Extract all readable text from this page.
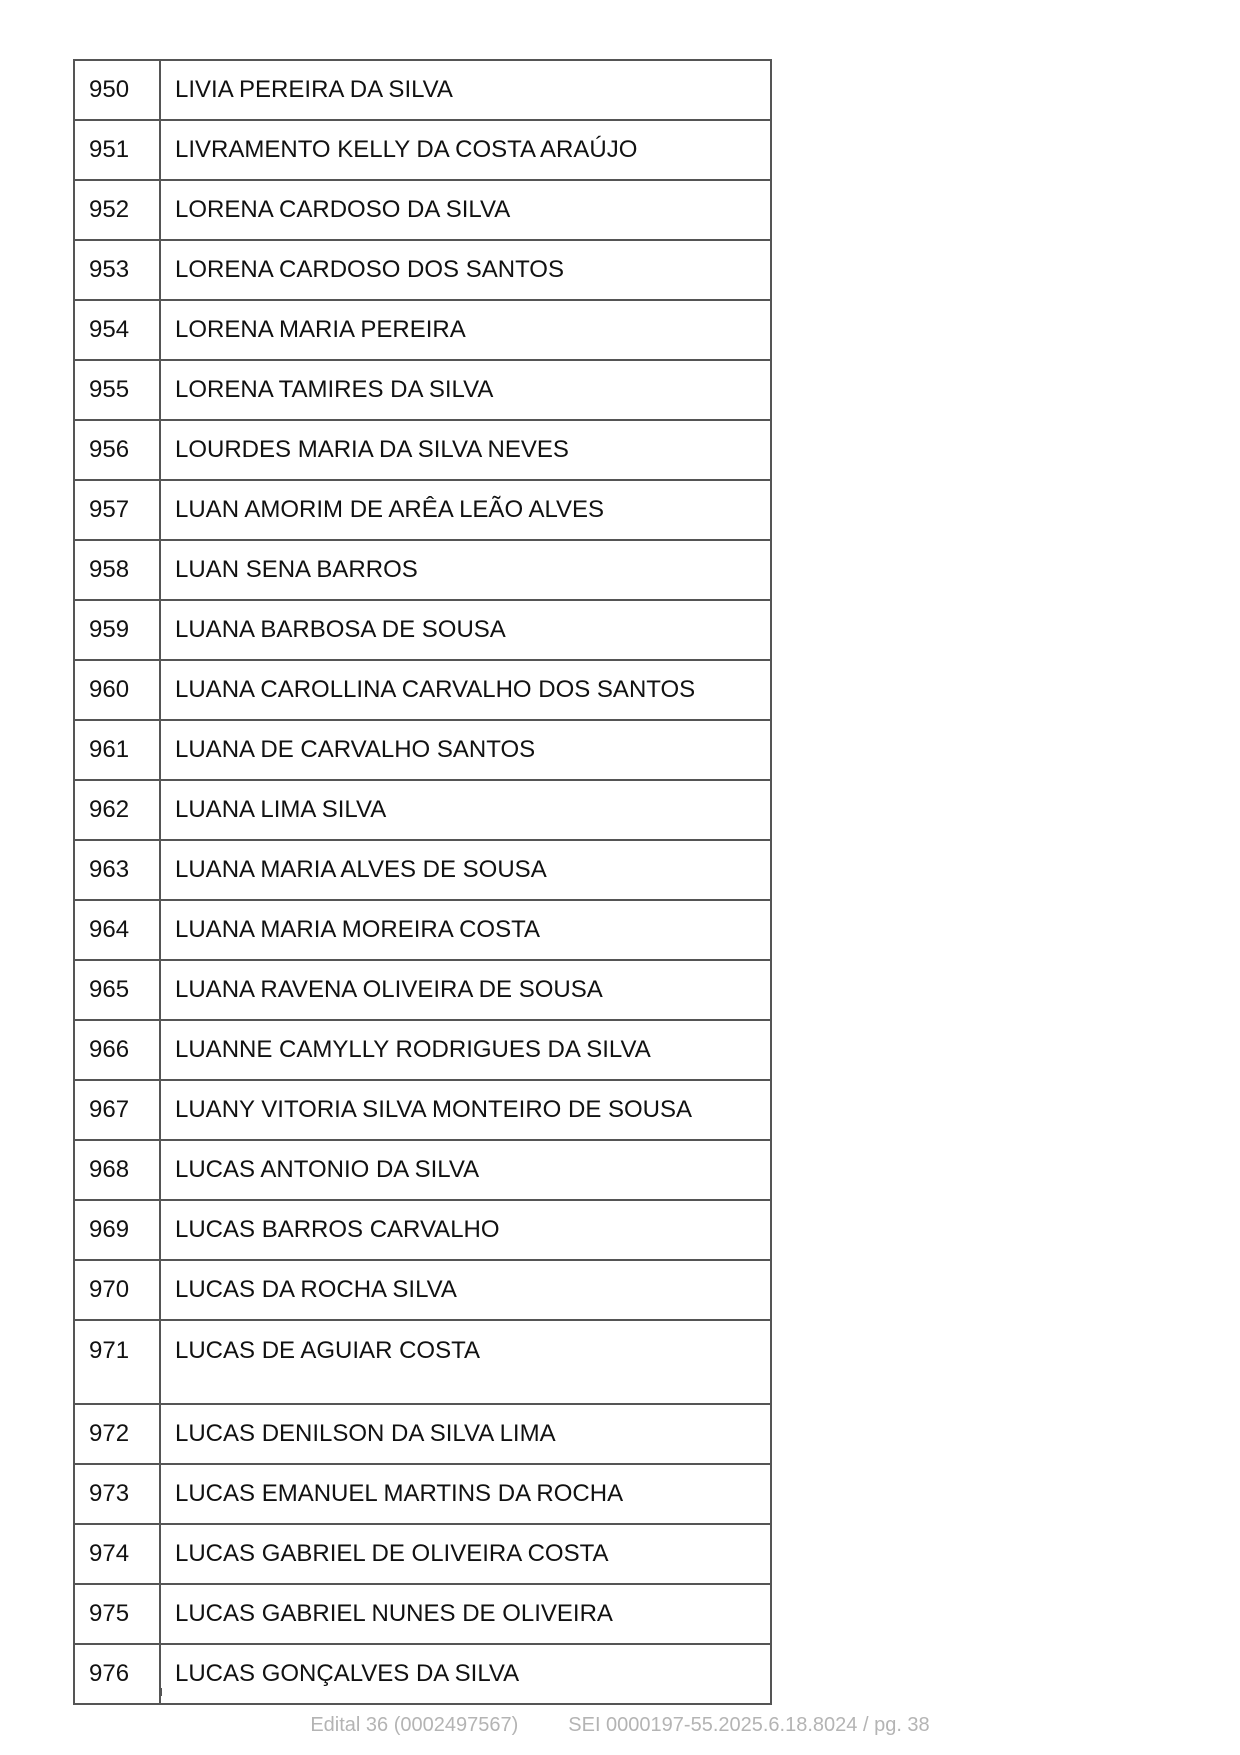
950	LIVIA PEREIRA DA SILVA
951	LIVRAMENTO KELLY DA COSTA ARAÚJO
952	LORENA CARDOSO DA SILVA
953	LORENA CARDOSO DOS SANTOS
954	LORENA MARIA PEREIRA
955	LORENA TAMIRES DA SILVA
956	LOURDES MARIA DA SILVA NEVES
957	LUAN AMORIM DE ARÊA LEÃO ALVES
958	LUAN SENA BARROS
959	LUANA BARBOSA DE SOUSA
960	LUANA CAROLLINA CARVALHO DOS SANTOS
961	LUANA DE CARVALHO SANTOS
962	LUANA LIMA SILVA
963	LUANA MARIA ALVES DE SOUSA
964	LUANA MARIA MOREIRA COSTA
965	LUANA RAVENA OLIVEIRA DE SOUSA
966	LUANNE CAMYLLY RODRIGUES DA SILVA
967	LUANY VITORIA SILVA MONTEIRO DE SOUSA
968	LUCAS ANTONIO DA SILVA
969	LUCAS BARROS CARVALHO
970	LUCAS DA ROCHA SILVA
971	LUCAS DE AGUIAR COSTA
972	LUCAS DENILSON DA SILVA LIMA
973	LUCAS EMANUEL MARTINS DA ROCHA
974	LUCAS GABRIEL DE OLIVEIRA COSTA
975	LUCAS GABRIEL NUNES DE OLIVEIRA
976	LUCAS GONÇALVES DA SILVA
Edital 36 (0002497567)	SEI 0000197-55.2025.6.18.8024 / pg. 38
